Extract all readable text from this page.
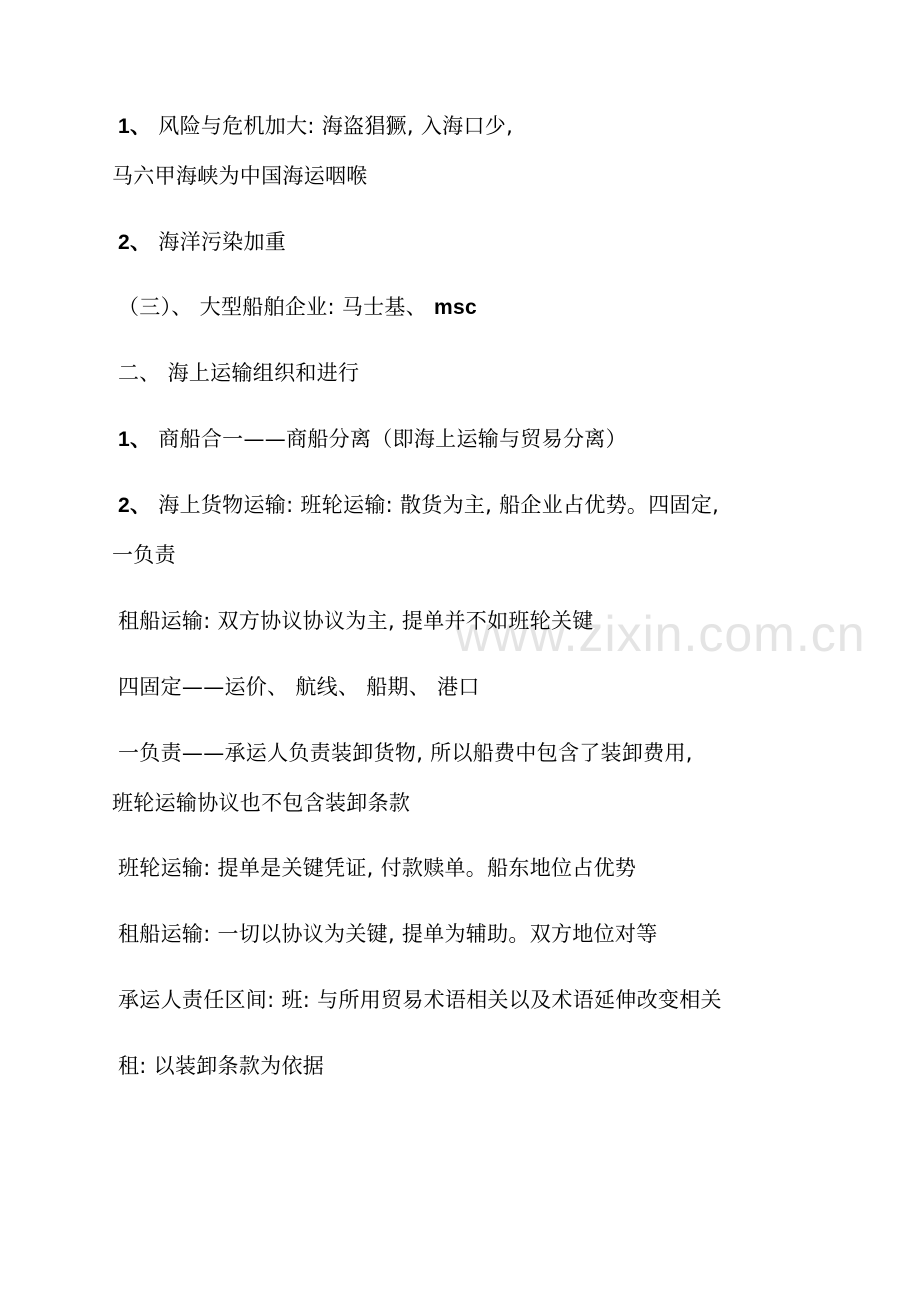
www.zixin.com.cn
1、 风险与危机加大: 海盗猖獗, 入海口少,
马六甲海峡为中国海运咽喉
2、 海洋污染加重
（三）、 大型船舶企业: 马士基、 msc
二、 海上运输组织和进行
1、 商船合一——商船分离（即海上运输与贸易分离）
2、 海上货物运输: 班轮运输: 散货为主, 船企业占优势。四固定,
一负责
租船运输: 双方协议协议为主, 提单并不如班轮关键
四固定——运价、 航线、 船期、 港口
一负责——承运人负责装卸货物, 所以船费中包含了装卸费用,
班轮运输协议也不包含装卸条款
班轮运输: 提单是关键凭证, 付款赎单。船东地位占优势
租船运输: 一切以协议为关键, 提单为辅助。双方地位对等
承运人责任区间: 班: 与所用贸易术语相关以及术语延伸改变相关
租: 以装卸条款为依据
